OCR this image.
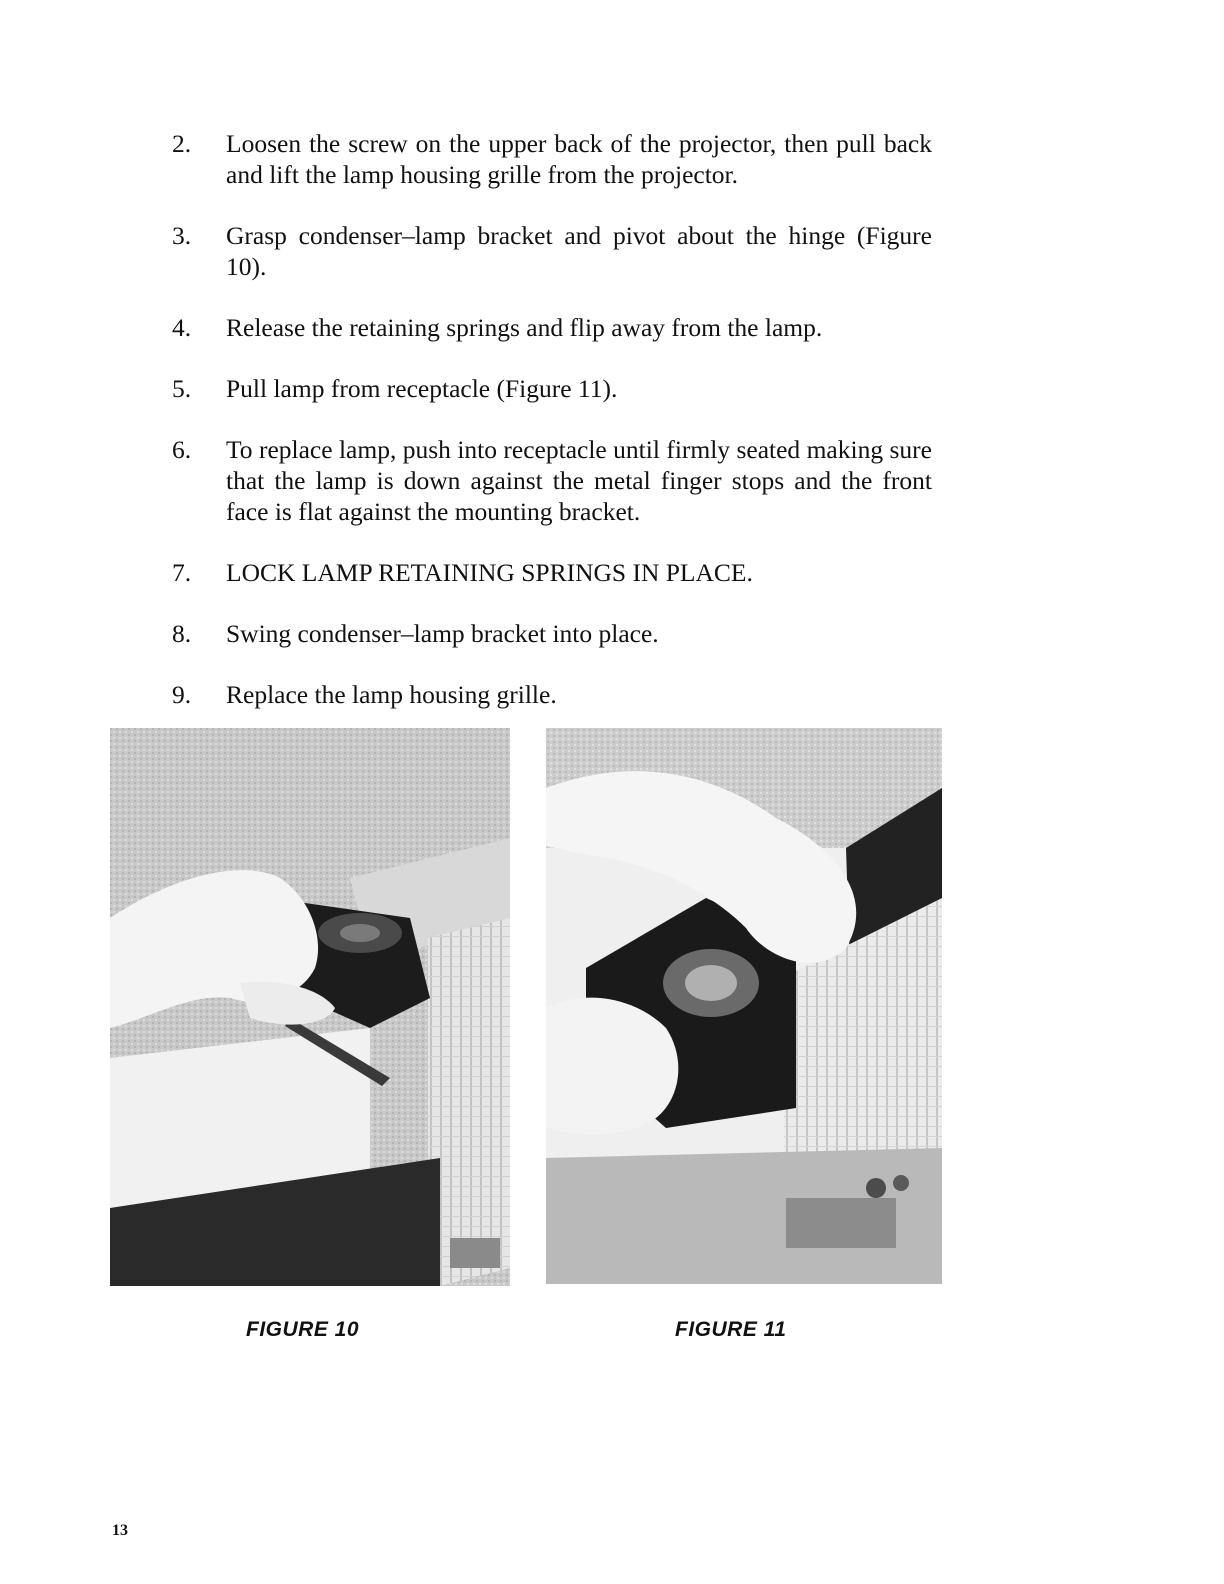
2. Loosen the screw on the upper back of the projector, then pull back and lift the lamp housing grille from the projector.
3. Grasp condenser–lamp bracket and pivot about the hinge (Figure 10).
4. Release the retaining springs and flip away from the lamp.
5. Pull lamp from receptacle (Figure 11).
6. To replace lamp, push into receptacle until firmly seated making sure that the lamp is down against the metal finger stops and the front face is flat against the mounting bracket.
7. LOCK LAMP RETAINING SPRINGS IN PLACE.
8. Swing condenser–lamp bracket into place.
9. Replace the lamp housing grille.
FIGURE 10	FIGURE 11
13
